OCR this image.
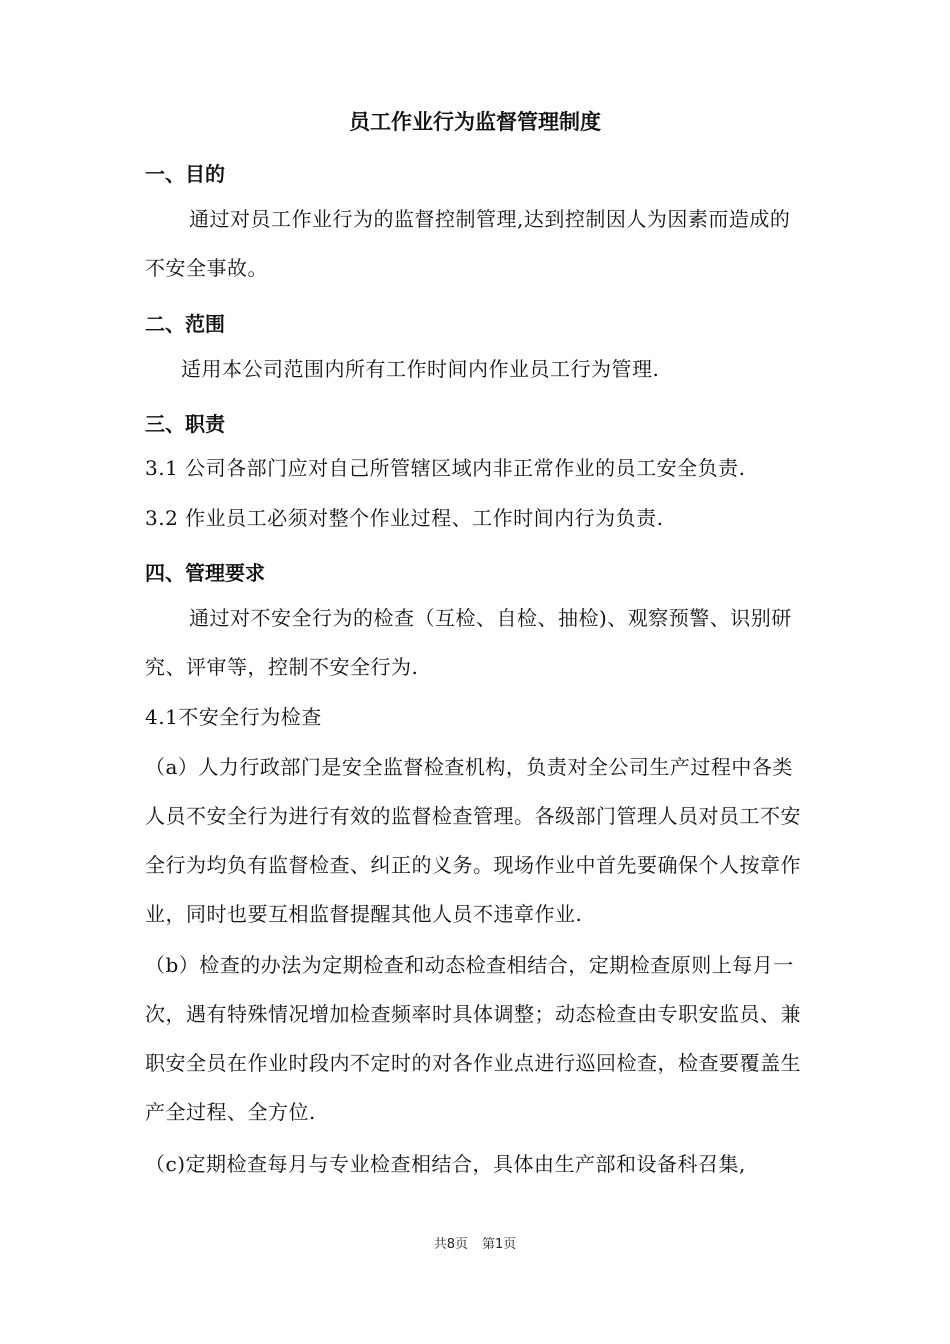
员工作业行为监督管理制度
一、目的
通过对员工作业行为的监督控制管理,达到控制因人为因素而造成的不安全事故。
二、范围
适用本公司范围内所有工作时间内作业员工行为管理.
三、职责
3.1 公司各部门应对自己所管辖区域内非正常作业的员工安全负责.
3.2 作业员工必须对整个作业过程、工作时间内行为负责.
四、管理要求
通过对不安全行为的检查（互检、自检、抽检)、观察预警、识别研究、评审等，控制不安全行为.
4.1不安全行为检查
（a）人力行政部门是安全监督检查机构，负责对全公司生产过程中各类人员不安全行为进行有效的监督检查管理。各级部门管理人员对员工不安全行为均负有监督检查、纠正的义务。现场作业中首先要确保个人按章作业，同时也要互相监督提醒其他人员不违章作业.
（b）检查的办法为定期检查和动态检查相结合，定期检查原则上每月一次，遇有特殊情况增加检查频率时具体调整；动态检查由专职安监员、兼职安全员在作业时段内不定时的对各作业点进行巡回检查，检查要覆盖生产全过程、全方位.
（c)定期检查每月与专业检查相结合，具体由生产部和设备科召集,
共8页 第1页
